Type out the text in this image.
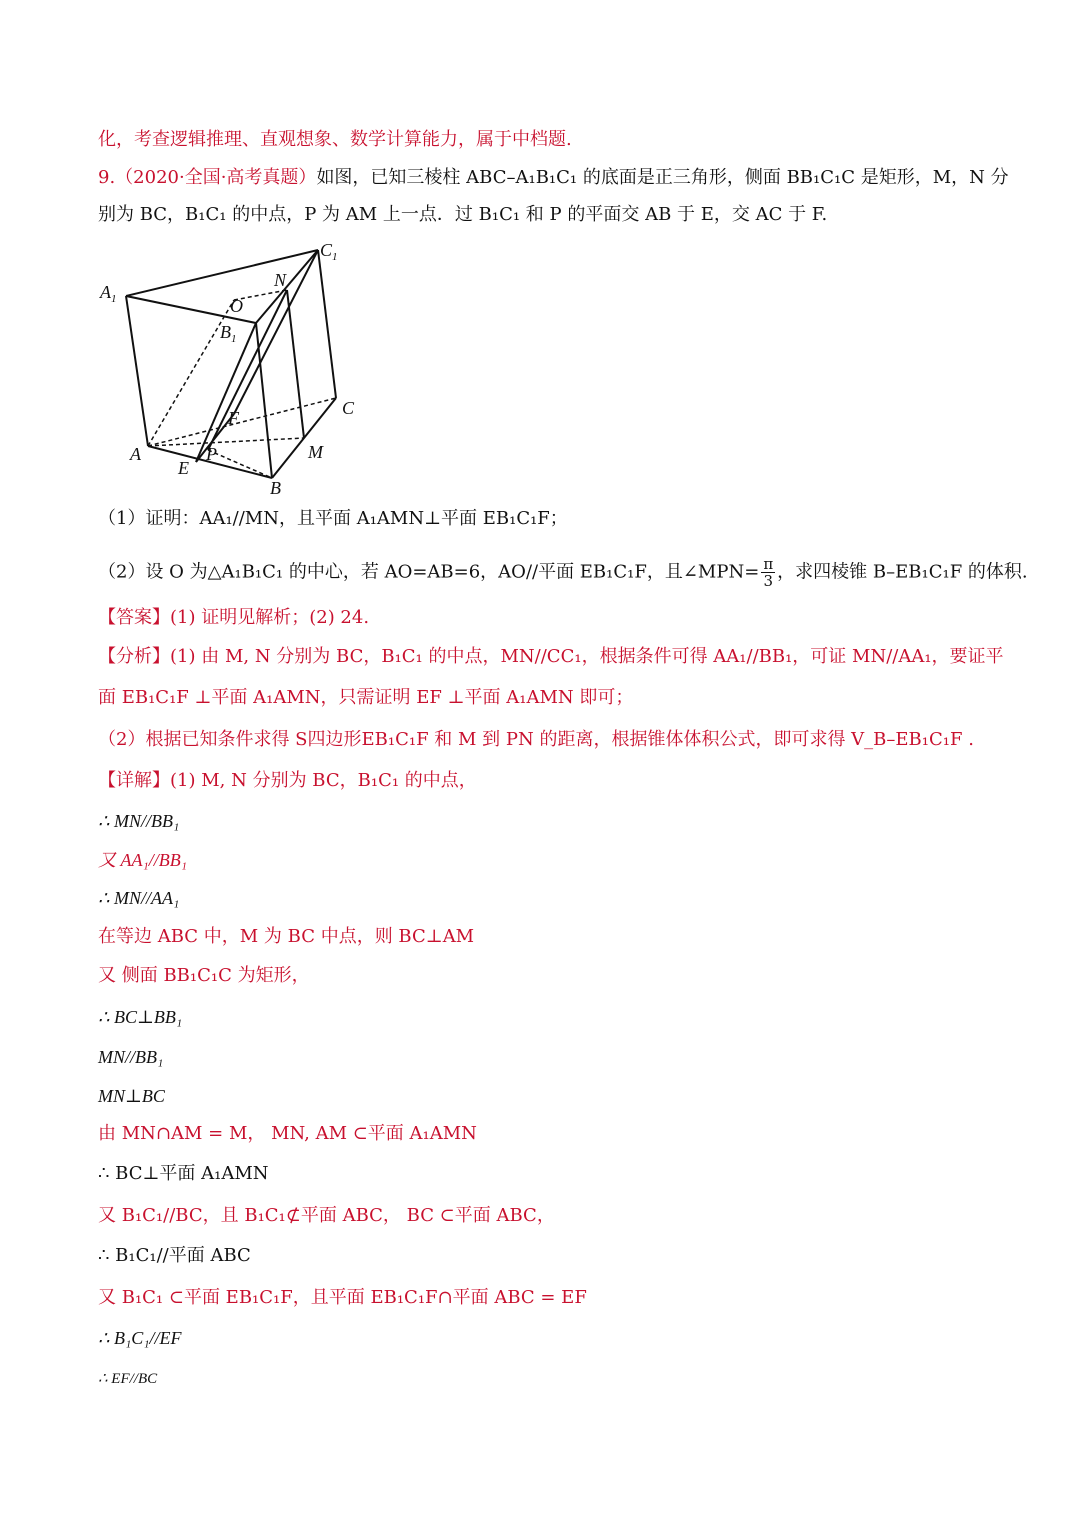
化，考查逻辑推理、直观想象、数学计算能力，属于中档题.
9.（2020·全国·高考真题）如图，已知三棱柱 ABC–A₁B₁C₁ 的底面是正三角形，侧面 BB₁C₁C 是矩形，M，N 分
别为 BC，B₁C₁ 的中点，P 为 AM 上一点．过 B₁C₁ 和 P 的平面交 AB 于 E，交 AC 于 F.
$A_1$
$C_1$
$B_1$
N
O
C
F
A
E
P	M
B
（1）证明：AA₁//MN，且平面 A₁AMN⊥平面 EB₁C₁F；
（2）设 O 为△A₁B₁C₁ 的中心，若 AO=AB=6，AO//平面 EB₁C₁F，且∠MPN= $\frac{\pi}{3}$ ，求四棱锥 B–EB₁C₁F 的体积.
【答案】(1) 证明见解析；(2) 24.
【分析】(1) 由 M, N 分别为 BC，B₁C₁ 的中点，MN//CC₁，根据条件可得 AA₁//BB₁，可证 MN//AA₁，要证平
面 EB₁C₁F ⊥平面 A₁AMN，只需证明 EF ⊥平面 A₁AMN 即可；
（2）根据已知条件求得 S四边形EB₁C₁F 和 M 到 PN 的距离，根据锥体体积公式，即可求得 V_B–EB₁C₁F .
【详解】(1) M, N 分别为 BC，B₁C₁ 的中点，
∴ MN//BB₁
又 AA₁//BB₁
∴ MN//AA₁
在等边 ABC 中，M 为 BC 中点，则 BC⊥AM
又 侧面 BB₁C₁C 为矩形，
∴ BC⊥BB₁
MN//BB₁
MN⊥BC
由 MN∩AM = M， MN, AM ⊂平面 A₁AMN
∴ BC⊥平面 A₁AMN
又 B₁C₁//BC，且 B₁C₁⊄平面 ABC， BC ⊂平面 ABC，
∴ B₁C₁//平面 ABC
又 B₁C₁ ⊂平面 EB₁C₁F，且平面 EB₁C₁F∩平面 ABC = EF
∴ B₁C₁//EF
∴ EF//BC
